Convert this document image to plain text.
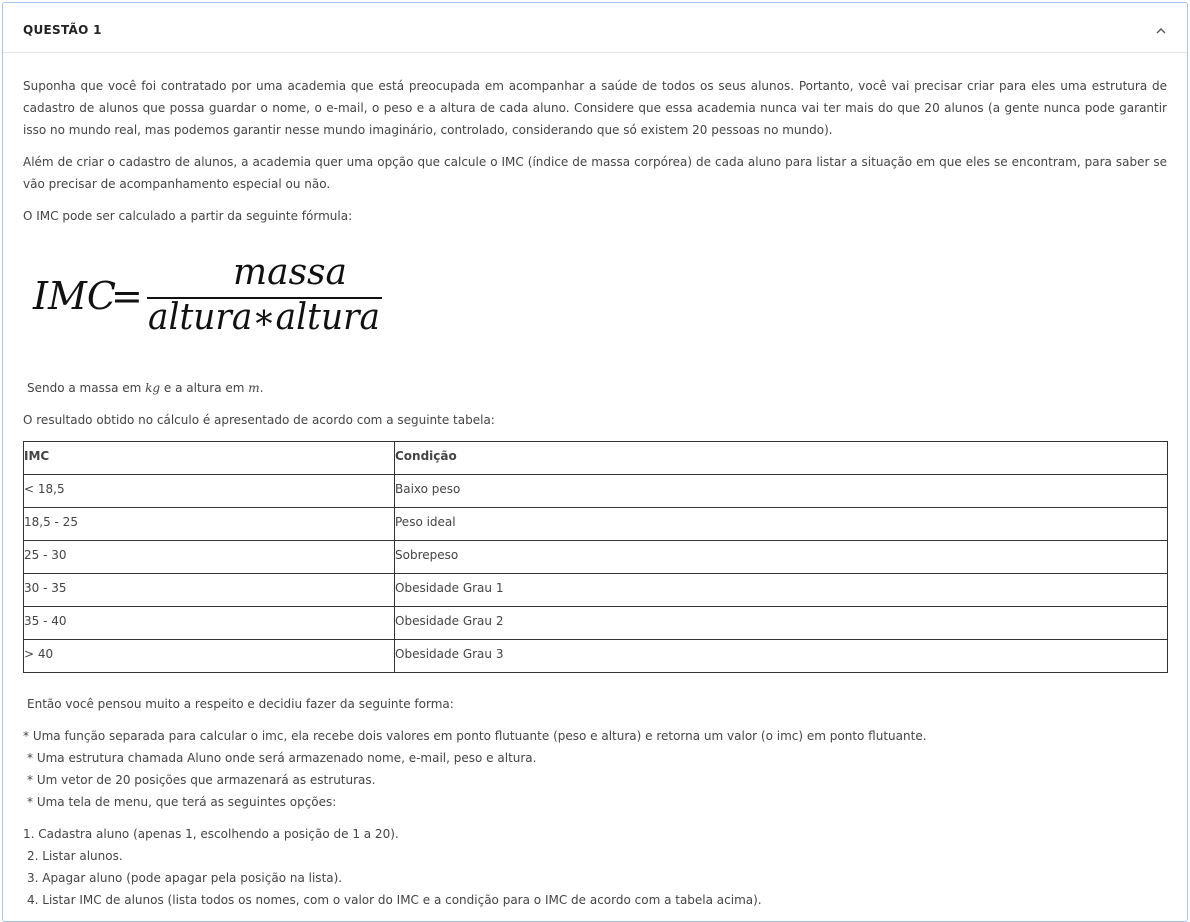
QUESTÃO 1

Suponha que você foi contratado por uma academia que está preocupada em acompanhar a saúde de todos os seus alunos. Portanto, você vai precisar criar para eles uma estrutura de cadastro de alunos que possa guardar o nome, o e-mail, o peso e a altura de cada aluno. Considere que essa academia nunca vai ter mais do que 20 alunos (a gente nunca pode garantir isso no mundo real, mas podemos garantir nesse mundo imaginário, controlado, considerando que só existem 20 pessoas no mundo).

Além de criar o cadastro de alunos, a academia quer uma opção que calcule o IMC (índice de massa corpórea) de cada aluno para listar a situação em que eles se encontram, para saber se vão precisar de acompanhamento especial ou não.

O IMC pode ser calculado a partir da seguinte fórmula:

IMC
=
massa
altura∗altura

Sendo a massa em kg e a altura em m.

O resultado obtido no cálculo é apresentado de acordo com a seguinte tabela:

IMC	Condição
< 18,5	Baixo peso
18,5 - 25	Peso ideal
25 - 30	Sobrepeso
30 - 35	Obesidade Grau 1
35 - 40	Obesidade Grau 2
> 40	Obesidade Grau 3

Então você pensou muito a respeito e decidiu fazer da seguinte forma:

* Uma função separada para calcular o imc, ela recebe dois valores em ponto flutuante (peso e altura) e retorna um valor (o imc) em ponto flutuante.
* Uma estrutura chamada Aluno onde será armazenado nome, e-mail, peso e altura.
* Um vetor de 20 posições que armazenará as estruturas.
* Uma tela de menu, que terá as seguintes opções:
1. Cadastra aluno (apenas 1, escolhendo a posição de 1 a 20).
2. Listar alunos.
3. Apagar aluno (pode apagar pela posição na lista).
4. Listar IMC de alunos (lista todos os nomes, com o valor do IMC e a condição para o IMC de acordo com a tabela acima).
